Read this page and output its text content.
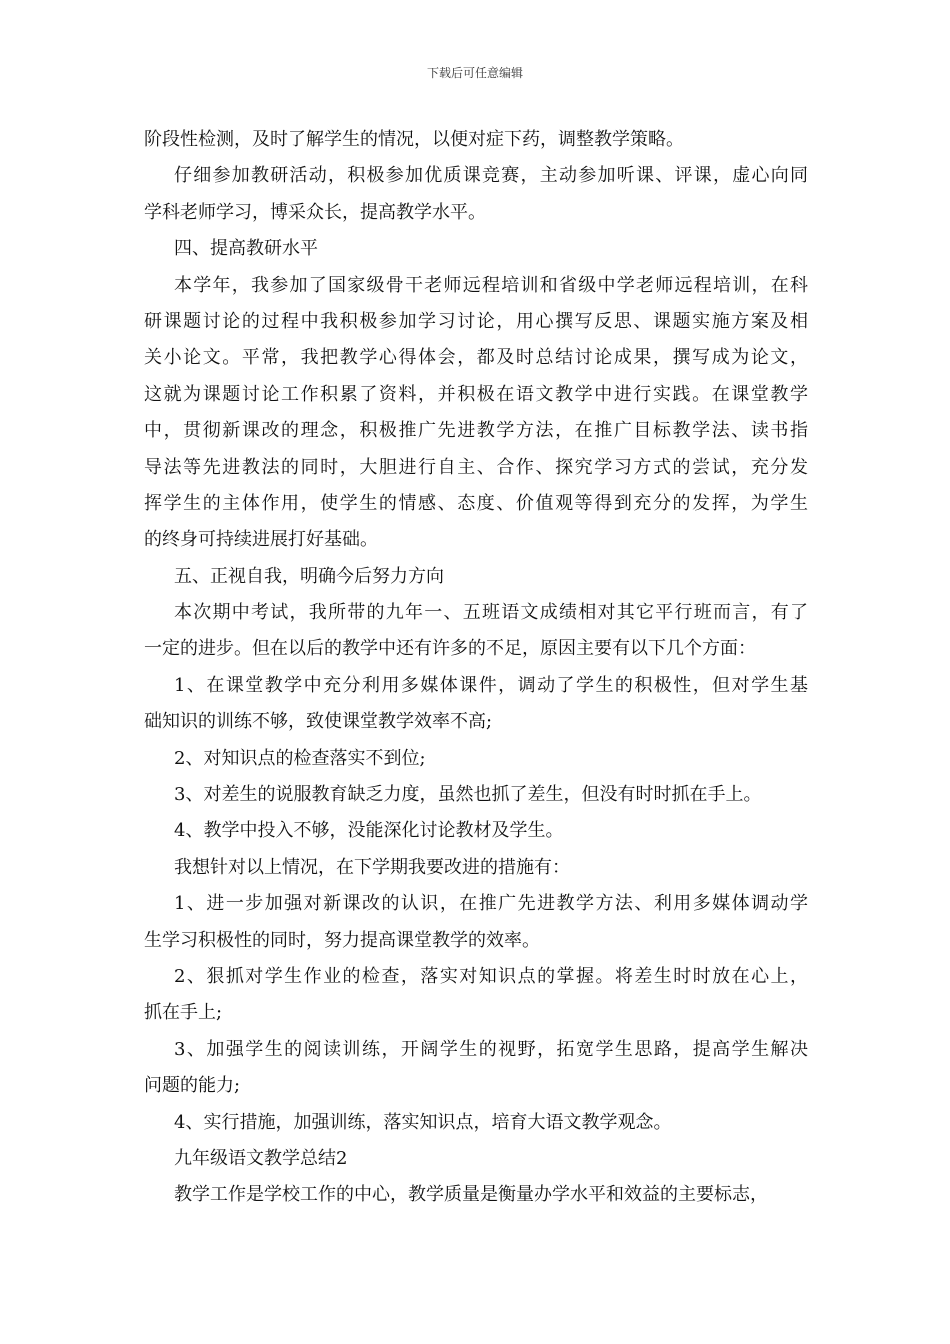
下载后可任意编辑
阶段性检测，及时了解学生的情况，以便对症下药，调整教学策略。
仔细参加教研活动，积极参加优质课竞赛，主动参加听课、评课，虚心向同
学科老师学习，博采众长，提高教学水平。
四、提高教研水平
本学年，我参加了国家级骨干老师远程培训和省级中学老师远程培训，在科
研课题讨论的过程中我积极参加学习讨论，用心撰写反思、课题实施方案及相
关小论文。平常，我把教学心得体会，都及时总结讨论成果，撰写成为论文，
这就为课题讨论工作积累了资料，并积极在语文教学中进行实践。在课堂教学
中，贯彻新课改的理念，积极推广先进教学方法，在推广目标教学法、读书指
导法等先进教法的同时，大胆进行自主、合作、探究学习方式的尝试，充分发
挥学生的主体作用，使学生的情感、态度、价值观等得到充分的发挥，为学生
的终身可持续进展打好基础。
五、正视自我，明确今后努力方向
本次期中考试，我所带的九年一、五班语文成绩相对其它平行班而言，有了
一定的进步。但在以后的教学中还有许多的不足，原因主要有以下几个方面：
1、在课堂教学中充分利用多媒体课件，调动了学生的积极性，但对学生基
础知识的训练不够，致使课堂教学效率不高;
2、对知识点的检查落实不到位;
3、对差生的说服教育缺乏力度，虽然也抓了差生，但没有时时抓在手上。
4、教学中投入不够，没能深化讨论教材及学生。
我想针对以上情况，在下学期我要改进的措施有：
1、进一步加强对新课改的认识，在推广先进教学方法、利用多媒体调动学
生学习积极性的同时，努力提高课堂教学的效率。
2、狠抓对学生作业的检查，落实对知识点的掌握。将差生时时放在心上，
抓在手上;
3、加强学生的阅读训练，开阔学生的视野，拓宽学生思路，提高学生解决
问题的能力;
4、实行措施，加强训练，落实知识点，培育大语文教学观念。
九年级语文教学总结2
教学工作是学校工作的中心，教学质量是衡量办学水平和效益的主要标志，
